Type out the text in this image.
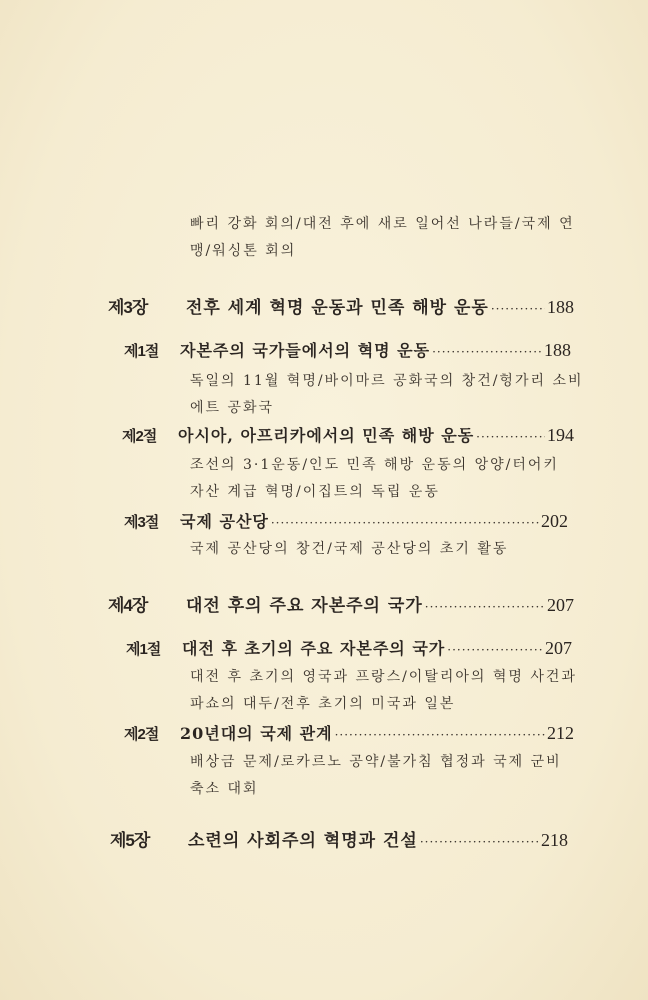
빠리 강화 회의/대전 후에 새로 일어선 나라들/국제 연
맹/워싱톤 회의
제3장	전후 세계 혁명 운동과 민족 해방 운동 ·····	188
제1절	자본주의 국가들에서의 혁명 운동 ·····	188
독일의 11월 혁명/바이마르 공화국의 창건/헝가리 소비
에트 공화국
제2절	아시아, 아프리카에서의 민족 해방 운동 ·····	194
조선의 3·1운동/인도 민족 해방 운동의 앙양/터어키
자산 계급 혁명/이집트의 독립 운동
제3절	국제 공산당 ·····	202
국제 공산당의 창건/국제 공산당의 초기 활동
제4장	대전 후의 주요 자본주의 국가 ·····	207
제1절	대전 후 초기의 주요 자본주의 국가 ·····	207
대전 후 초기의 영국과 프랑스/이탈리아의 혁명 사건과
파쇼의 대두/전후 초기의 미국과 일본
제2절	20년대의 국제 관계 ·····	212
배상금 문제/로카르노 공약/불가침 협정과 국제 군비
축소 대회
제5장	소련의 사회주의 혁명과 건설 ·····	218
